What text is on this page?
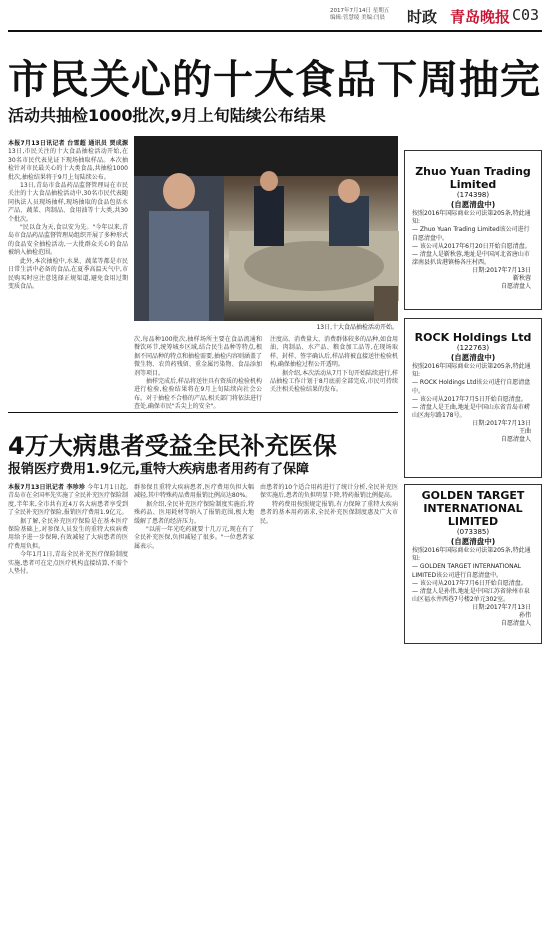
2017年7月14日 星期五
编辑:管慧绫 美编:闫晨	时政 青岛晚报 C03
市民关心的十大食品下周抽完
活动共抽检1000批次,9月上旬陆续公布结果

本报7月13日讯记者 台雪超 通讯员 贾成源 13日,市民关注的十大食品抽检活动开始,在30名市民代表见证下现场抽取样品。本次抽检针对市民最关心的十大类食品,共抽检1000批次,抽检结果将于9月上旬陆续公布。

13日,青岛市食品药品监督管理局在市民关注的十大食品抽检活动中,30名市民代表随同执法人员现场抽样,现场抽取的食品包括水产品、蔬菜、肉制品、食用油等十大类,共30个批次。

"民以食为天,食以安为先。"今年以来,青岛市食品药品监督管理局组织开展了多种形式的食品安全抽检活动,一大批群众关心的食品被纳入抽检范围。

此外,本次抽检中,水果、蔬菜等都是市民日常生活中必备的食品,在夏季高温天气中,市民购买时应注意选择正规渠道,避免食用过期变质食品。

13日,十大食品抽检活动开始。

次,每品种100批次,抽样场所主要在食品流通和餐饮环节,统筹城乡区域,结合民生品种等特点,根据不同品种的特点和抽检需要,抽检内容则涵盖了微生物、农兽药残留、重金属污染物、食品添加剂等项目。

抽样完成后,样品将送往具有资质的检验机构进行检验,检验结果将在9月上旬陆续向社会公布。对于抽检不合格的产品,相关部门将依法进行查处,确保市民"舌尖上的安全"。

注度高、消费量大、消费群体较多的品种,如食用油、肉制品、水产品、粮食加工品等,在现场取样、封样、签字确认后,样品将被直接送往检验机构,确保抽检过程公开透明。

据介绍,本次活动从7月下旬开始陆续进行,样品抽检工作计划于8月底前全部完成,市民可持续关注相关检验结果的发布。

4万大病患者受益全民补充医保
报销医疗费用1.9亿元,重特大疾病患者用药有了保障

本报7月13日讯记者 李珍珍 今年1月1日起,青岛市在全国率先实施了全民补充医疗保险制度,半年来,全市共有近4万名大病患者享受到了全民补充医疗保险,报销医疗费用1.9亿元。

据了解,全民补充医疗保险是在基本医疗保险基础上,对参保人员发生的重特大疾病费用给予进一步保障,有效减轻了大病患者的医疗费用负担。

今年1月1日,青岛全民补充医疗保险制度实施,患者可在定点医疗机构直接结算,不需个人垫付。

群参保且重特大疾病患者,医疗费用负担大幅减轻,其中特殊药品费用报销比例高达80%。

据介绍,全民补充医疗保险制度实施后,特殊药品、医用耗材等纳入了报销范围,极大地缓解了患者的经济压力。

"以前一年光吃药就要十几万元,现在有了全民补充医保,负担减轻了很多。"一位患者家属表示。

由患者的10个适合用药进行了统计分析,全民补充医保实施后,患者的负担明显下降,特药报销比例提高。

特药费用按照规定报销,有力保障了重特大疾病患者的基本用药需求,全民补充医保制度惠及广大市民。

Zhuo Yuan Trading Limited
(174398)
(自愿清盘中)

按照2016年国际商业公司法第205条,特此通知:

— Zhuo Yuan Trading Limited该公司进行自愿清盘中。

— 该公司从2017年6月20日开始自愿清盘。

— 清盘人是靳秋蓉,地址是中国河北省唐山市滦南县扒齿港镇杨各庄村西。

日期:2017年7月13日
靳秋蓉
自愿清盘人
ROCK Holdings Ltd
(122763)
(自愿清盘中)

按照2016年国际商业公司法第205条,特此通知:

— ROCK Holdings Ltd该公司进行自愿清盘中。

— 该公司从2017年7月5日开始自愿清盘。

— 清盘人是王曲,地址是中国山东省青岛市崂山区海尔路178号。

日期:2017年7月13日
王曲
自愿清盘人
GOLDEN TARGET INTERNATIONAL LIMITED
(073385)
(自愿清盘中)

按照2016年国际商业公司法第205条,特此通知:

— GOLDEN TARGET INTERNATIONAL LIMITED该公司进行自愿清盘中。

— 该公司从2017年7月6日开始自愿清盘。

— 清盘人是孙伟,地址是中国江苏省徐州市泉山区福水井西巷7号楼2单元302室。

日期:2017年7月13日
孙伟
自愿清盘人
